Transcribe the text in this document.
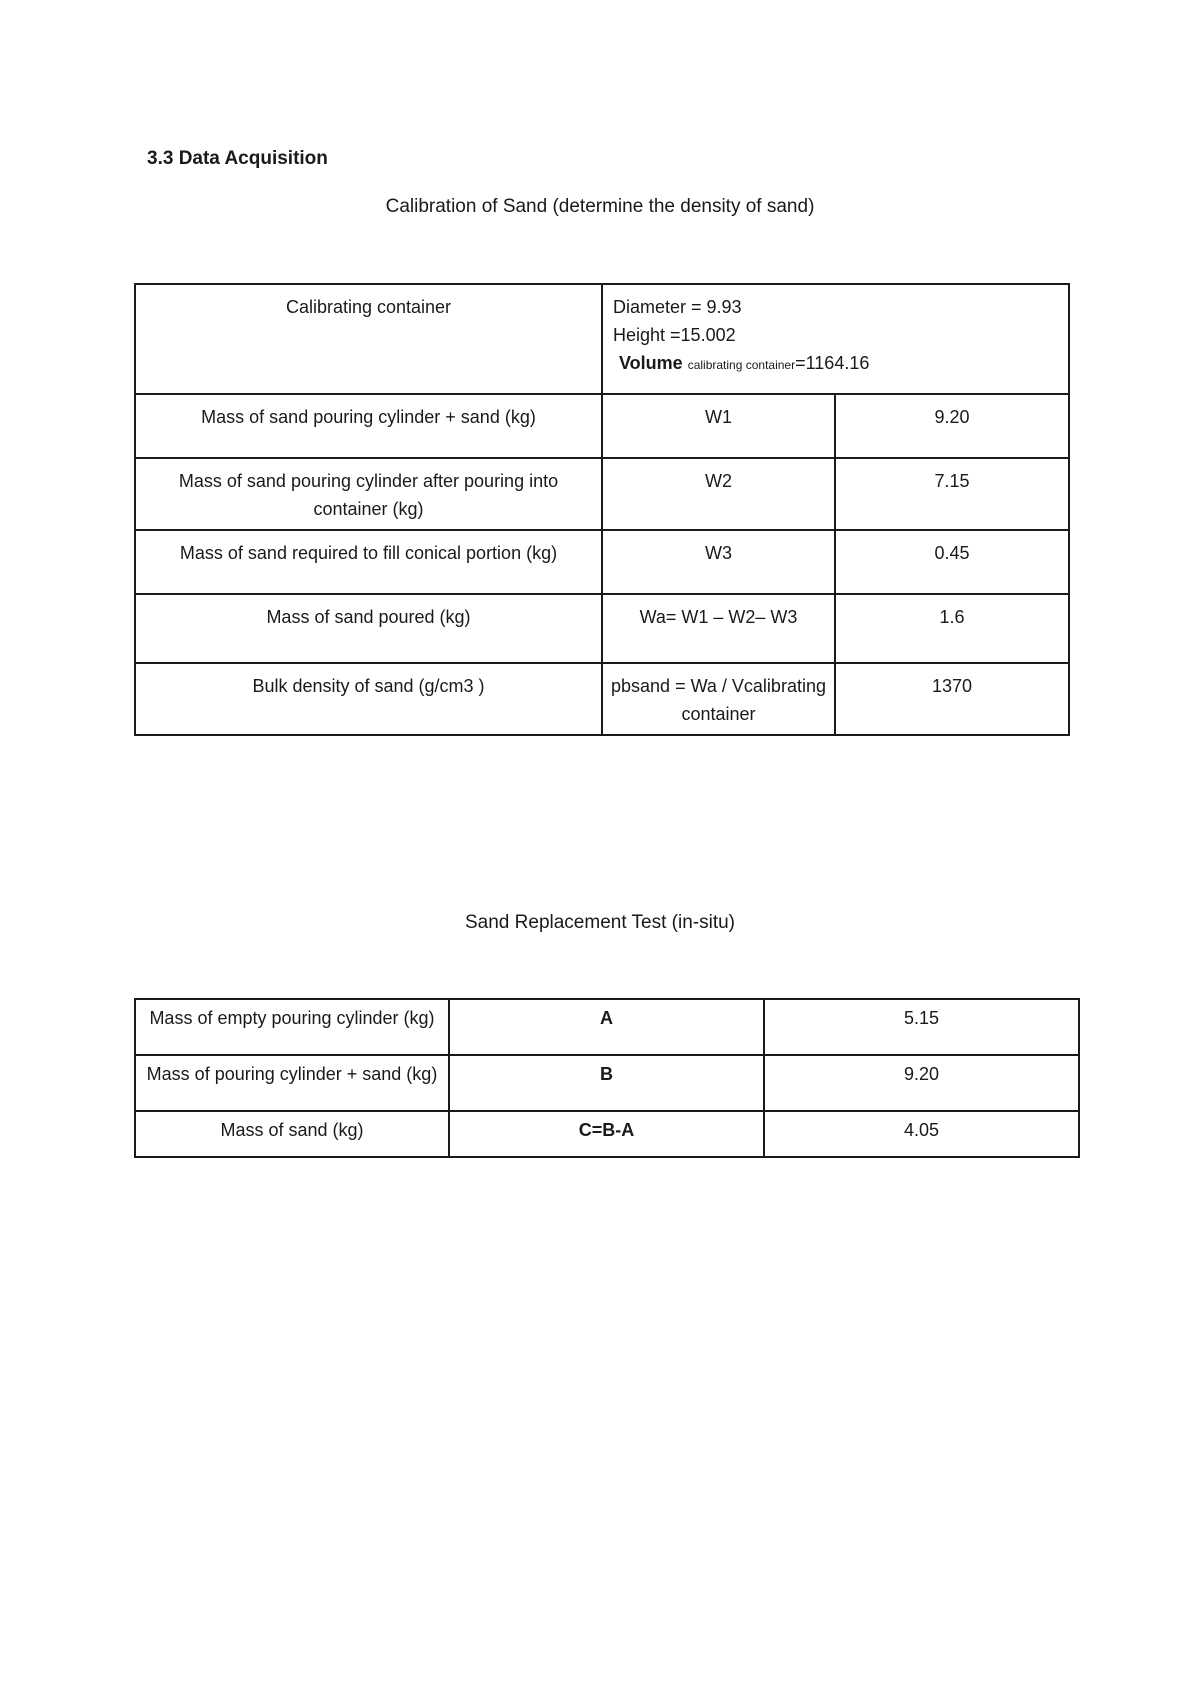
3.3 Data Acquisition
Calibration of Sand (determine the density of sand)
Calibrating container	Diameter = 9.93
Height =15.002
Volume calibrating container=1164.16	

Mass of sand pouring cylinder + sand (kg)	W1	9.20
Mass of sand pouring cylinder after pouring into container (kg)	W2	7.15
Mass of sand required to fill conical portion (kg)	W3	0.45
Mass of sand poured (kg)	Wa= W1 – W2– W3	1.6
Bulk density of sand (g/cm3 )	pbsand = Wa / Vcalibrating container	1370
Sand Replacement Test (in-situ)
Mass of empty pouring cylinder (kg)	A	5.15
Mass of pouring cylinder + sand (kg)	B	9.20
Mass of sand (kg)	C=B-A	4.05
